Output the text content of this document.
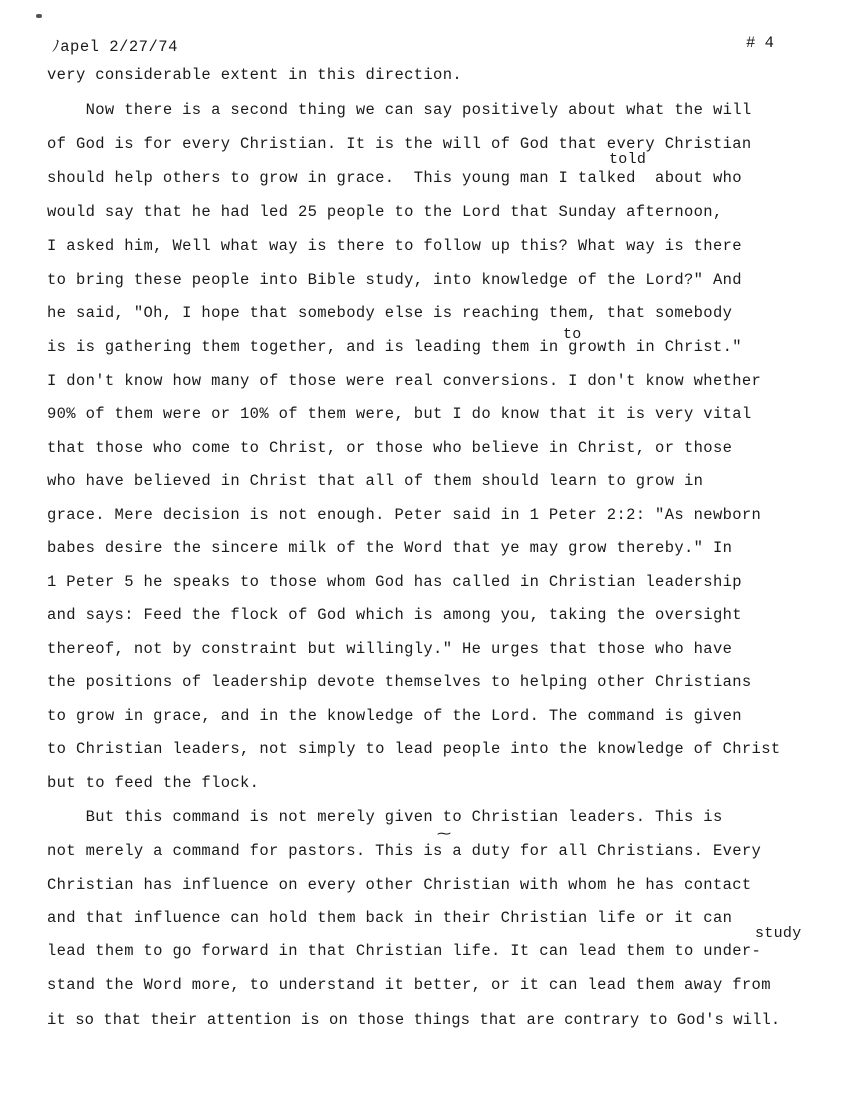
ﾉapel 2/27/74	# 4
very considerable extent in this direction.
Now there is a second thing we can say positively about what the will
of God is for every Christian. It is the will of God that every Christian
told
should help others to grow in grace.  This young man I talked  about who
would say that he had led 25 people to the Lord that Sunday afternoon,
I asked him, Well what way is there to follow up this? What way is there
to bring these people into Bible study, into knowledge of the Lord?" And
he said, "Oh, I hope that somebody else is reaching them, that somebody
to
is is gathering them together, and is leading them in growth in Christ."
I don't know how many of those were real conversions. I don't know whether
90% of them were or 10% of them were, but I do know that it is very vital
that those who come to Christ, or those who believe in Christ, or those
who have believed in Christ that all of them should learn to grow in
grace. Mere decision is not enough. Peter said in 1 Peter 2:2: "As newborn
babes desire the sincere milk of the Word that ye may grow thereby." In
1 Peter 5 he speaks to those whom God has called in Christian leadership
and says: Feed the flock of God which is among you, taking the oversight
thereof, not by constraint but willingly." He urges that those who have
the positions of leadership devote themselves to helping other Christians
to grow in grace, and in the knowledge of the Lord. The command is given
to Christian leaders, not simply to lead people into the knowledge of Christ
but to feed the flock.
But this command is not merely given to Christian leaders. This is
⁓
not merely a command for pastors. This is a duty for all Christians. Every
Christian has influence on every other Christian with whom he has contact
and that influence can hold them back in their Christian life or it can
study
lead them to go forward in that Christian life. It can lead them to under-
stand the Word more, to understand it better, or it can lead them away from
it so that their attention is on those things that are contrary to God's will.
